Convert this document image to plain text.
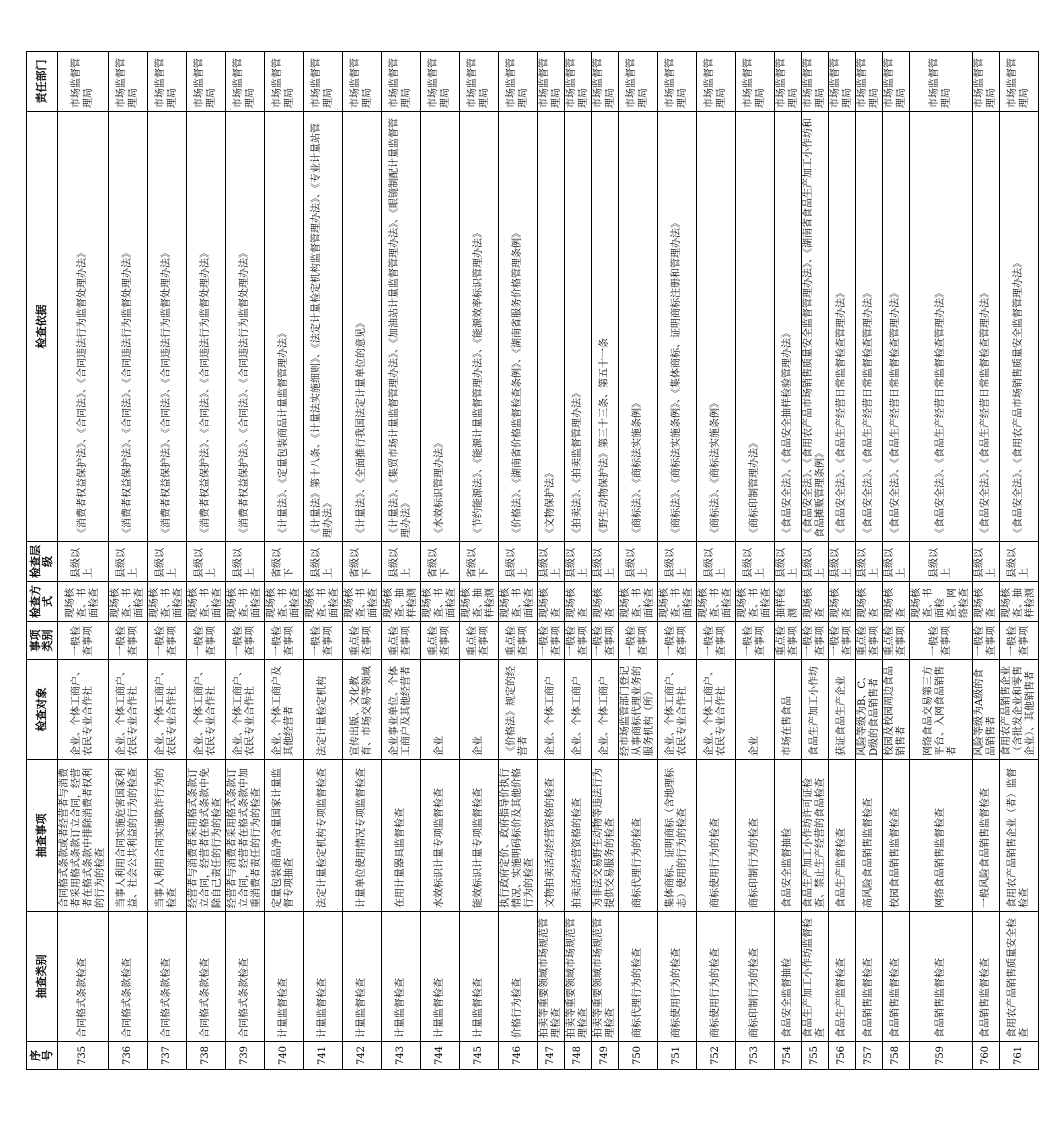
序号	抽查类别	抽查事项	检查对象	事项类别	检查方式	检查层级	检查依据	责任部门
735	合同格式条款检查	合同格式条款或者经营者与消费者采用格式条款订立合同，经营者在格式条款中排除消费者权利的行为的检查	企业、个体工商户、农民专业合作社	一般检查事项	现场核查、书面检查	县级以上	《消费者权益保护法》、《合同法》、《合同违法行为监督处理办法》	市场监督管理局
736	合同格式条款检查	当事人利用合同实施危害国家利益、社会公共利益的行为的检查	企业、个体工商户、农民专业合作社	一般检查事项	现场核查、书面检查	县级以上	《消费者权益保护法》、《合同法》、《合同违法行为监督处理办法》	市场监督管理局
737	合同格式条款检查	当事人利用合同实施欺诈行为的检查	企业、个体工商户、农民专业合作社	一般检查事项	现场核查、书面检查	县级以上	《消费者权益保护法》、《合同法》、《合同违法行为监督处理办法》	市场监督管理局
738	合同格式条款检查	经营者与消费者采用格式条款订立合同，经营者在格式条款中免除自己责任的行为的检查	企业、个体工商户、农民专业合作社	一般检查事项	现场核查、书面检查	县级以上	《消费者权益保护法》、《合同法》、《合同违法行为监督处理办法》	市场监督管理局
739	合同格式条款检查	经营者与消费者采用格式条款订立合同，经营者在格式条款中加重消费者责任的行为的检查	企业、个体工商户、农民专业合作社	一般检查事项	现场核查、书面检查	县级以上	《消费者权益保护法》、《合同法》、《合同违法行为监督处理办法》	市场监督管理局
740	计量监督检查	定量包装商品净含量国家计量监督专项抽查	企业、个体工商户及其他经营者	一般检查事项	现场核查、书面检查	省级以下	《计量法》、《定量包装商品计量监督管理办法》	市场监督管理局
741	计量监督检查	法定计量检定机构专项监督检查	法定计量检定机构	一般检查事项	现场核查、书面检查	县级以上	《计量法》第十八条、《计量法实施细则》、《法定计量检定机构监督管理办法》、《专业计量站管理办法》	市场监督管理局
742	计量监督检查	计量单位使用情况专项监督检查	宣传出版、文化教育、市场交易等领域	重点检查事项	现场核查、书面检查	省级以下	《计量法》、《全面推行我国法定计量单位的意见》	市场监督管理局
743	计量监督检查	在用计量器具监督检查	企业事业单位、个体工商户及其他经营者	重点检查事项	现场核查、抽样检测	县级以上	《计量法》、《集贸市场计量监督管理办法》、《加油站计量监督管理办法》、《眼镜制配计量监督管理办法》	市场监督管理局
744	计量监督检查	水效标识计量专项监督检查	企业	重点检查事项	现场核查、书面检查	省级以下	《水效标识管理办法》	市场监督管理局
745	计量监督检查	能效标识计量专项监督检查	企业	重点检查事项	现场核查、抽样检测	省级以下	《节约能源法》、《能源计量监督管理办法》、《能源效率标识管理办法》	市场监督管理局
746	价格行为检查	执行政府定价、政府指导价执行情况、实施明码标价及其他价格行为的检查	《价格法》规定的经营者	重点检查事项	现场核查、书面检查	县级以上	《价格法》、《湖南省价格监督检查条例》、《湖南省服务价格管理条例》	市场监督管理局
747	拍卖等重要领域市场规范管理检查	文物拍卖活动经营资格的检查	企业、个体工商户	一般检查事项	现场核查	县级以上	《文物保护法》	市场监督管理局
748	拍卖等重要领域市场规范管理检查	拍卖活动经营资格的检查	企业、个体工商户	一般检查事项	现场核查	县级以上	《拍卖法》、《拍卖监督管理办法》	市场监督管理局
749	拍卖等重要领域市场规范管理检查	为非法交易野生动物等违法行为提供交易服务的检查	企业、个体工商户	一般检查事项	现场核查	县级以上	《野生动物保护法》第三十三条、第五十一条	市场监督管理局
750	商标代理行为的检查	商标代理行为的检查	经市场监管部门登记从事商标代理业务的服务机构（所）	一般检查事项	现场核查、书面检查	县级以上	《商标法》、《商标法实施条例》	市场监督管理局
751	商标使用行为的检查	集体商标、证明商标（含地理标志）使用的行为的检查	企业、个体工商户、农民专业合作社	一般检查事项	现场核查、书面检查	县级以上	《商标法》、《商标法实施条例》、《集体商标、证明商标注册和管理办法》	市场监督管理局
752	商标使用行为的检查	商标使用行为的检查	企业、个体工商户、农民专业合作社	一般检查事项	现场核查、书面检查	县级以上	《商标法》、《商标法实施条例》	市场监督管理局
753	商标印制行为的检查	商标印制行为的检查	企业	一般检查事项	现场核查、书面检查	县级以上	《商标印制管理办法》	市场监督管理局
754	食品安全监督抽检	食品安全监督抽检	市场在售食品	重点检查事项	抽样检测	县级以上	《食品安全法》、《食品安全抽样检验管理办法》	市场监督管理局
755	食品生产加工小作坊监督检查	食品生产加工小作坊许可证检查、禁止生产经营的食品检查	食品生产加工小作坊	一般检查事项	现场核查	县级以上	《食品安全法》、《食用农产品市场销售质量安全监督管理办法》、《湖南省食品生产加工小作坊和食品摊贩管理条例》	市场监督管理局
756	食品生产监督检查	食品生产监督检查	获证食品生产企业	一般检查事项	现场核查	县级以上	《食品安全法》、《食品生产经营日常监督检查管理办法》	市场监督管理局
757	食品销售监督检查	高风险食品销售监督检查	风险等级为B、C、D级的食品销售者	重点检查事项	现场核查	县级以上	《食品安全法》、《食品生产经营日常监督检查管理办法》	市场监督管理局
758	食品销售监督检查	校园食品销售监督检查	校园及校园周边食品销售者	重点检查事项	现场核查	县级以上	《食品安全法》、《食品生产经营日常监督检查管理办法》	市场监督管理局
759	食品销售监督检查	网络食品销售监督检查	网络食品交易第三方平台、入网食品销售者	一般检查事项	现场核查、书面检查、网络检查	县级以上	《食品安全法》、《食品生产经营日常监督检查管理办法》	市场监督管理局
760	食品销售监督检查	一般风险食品销售监督检查	风险等级为A级的食品销售者	一般检查事项	现场核查	县级以上	《食品安全法》、《食品生产经营日常监督检查管理办法》	市场监督管理局
761	食用农产品销售质量安全检查	食用农产品销售企业（者）监督检查	食用农产品销售企业（含批发企业和零售企业）、其他销售者	一般检查事项	现场核查、抽样检测	县级以上	《食品安全法》、《食用农产品市场销售质量安全监督管理办法》	市场监督管理局
